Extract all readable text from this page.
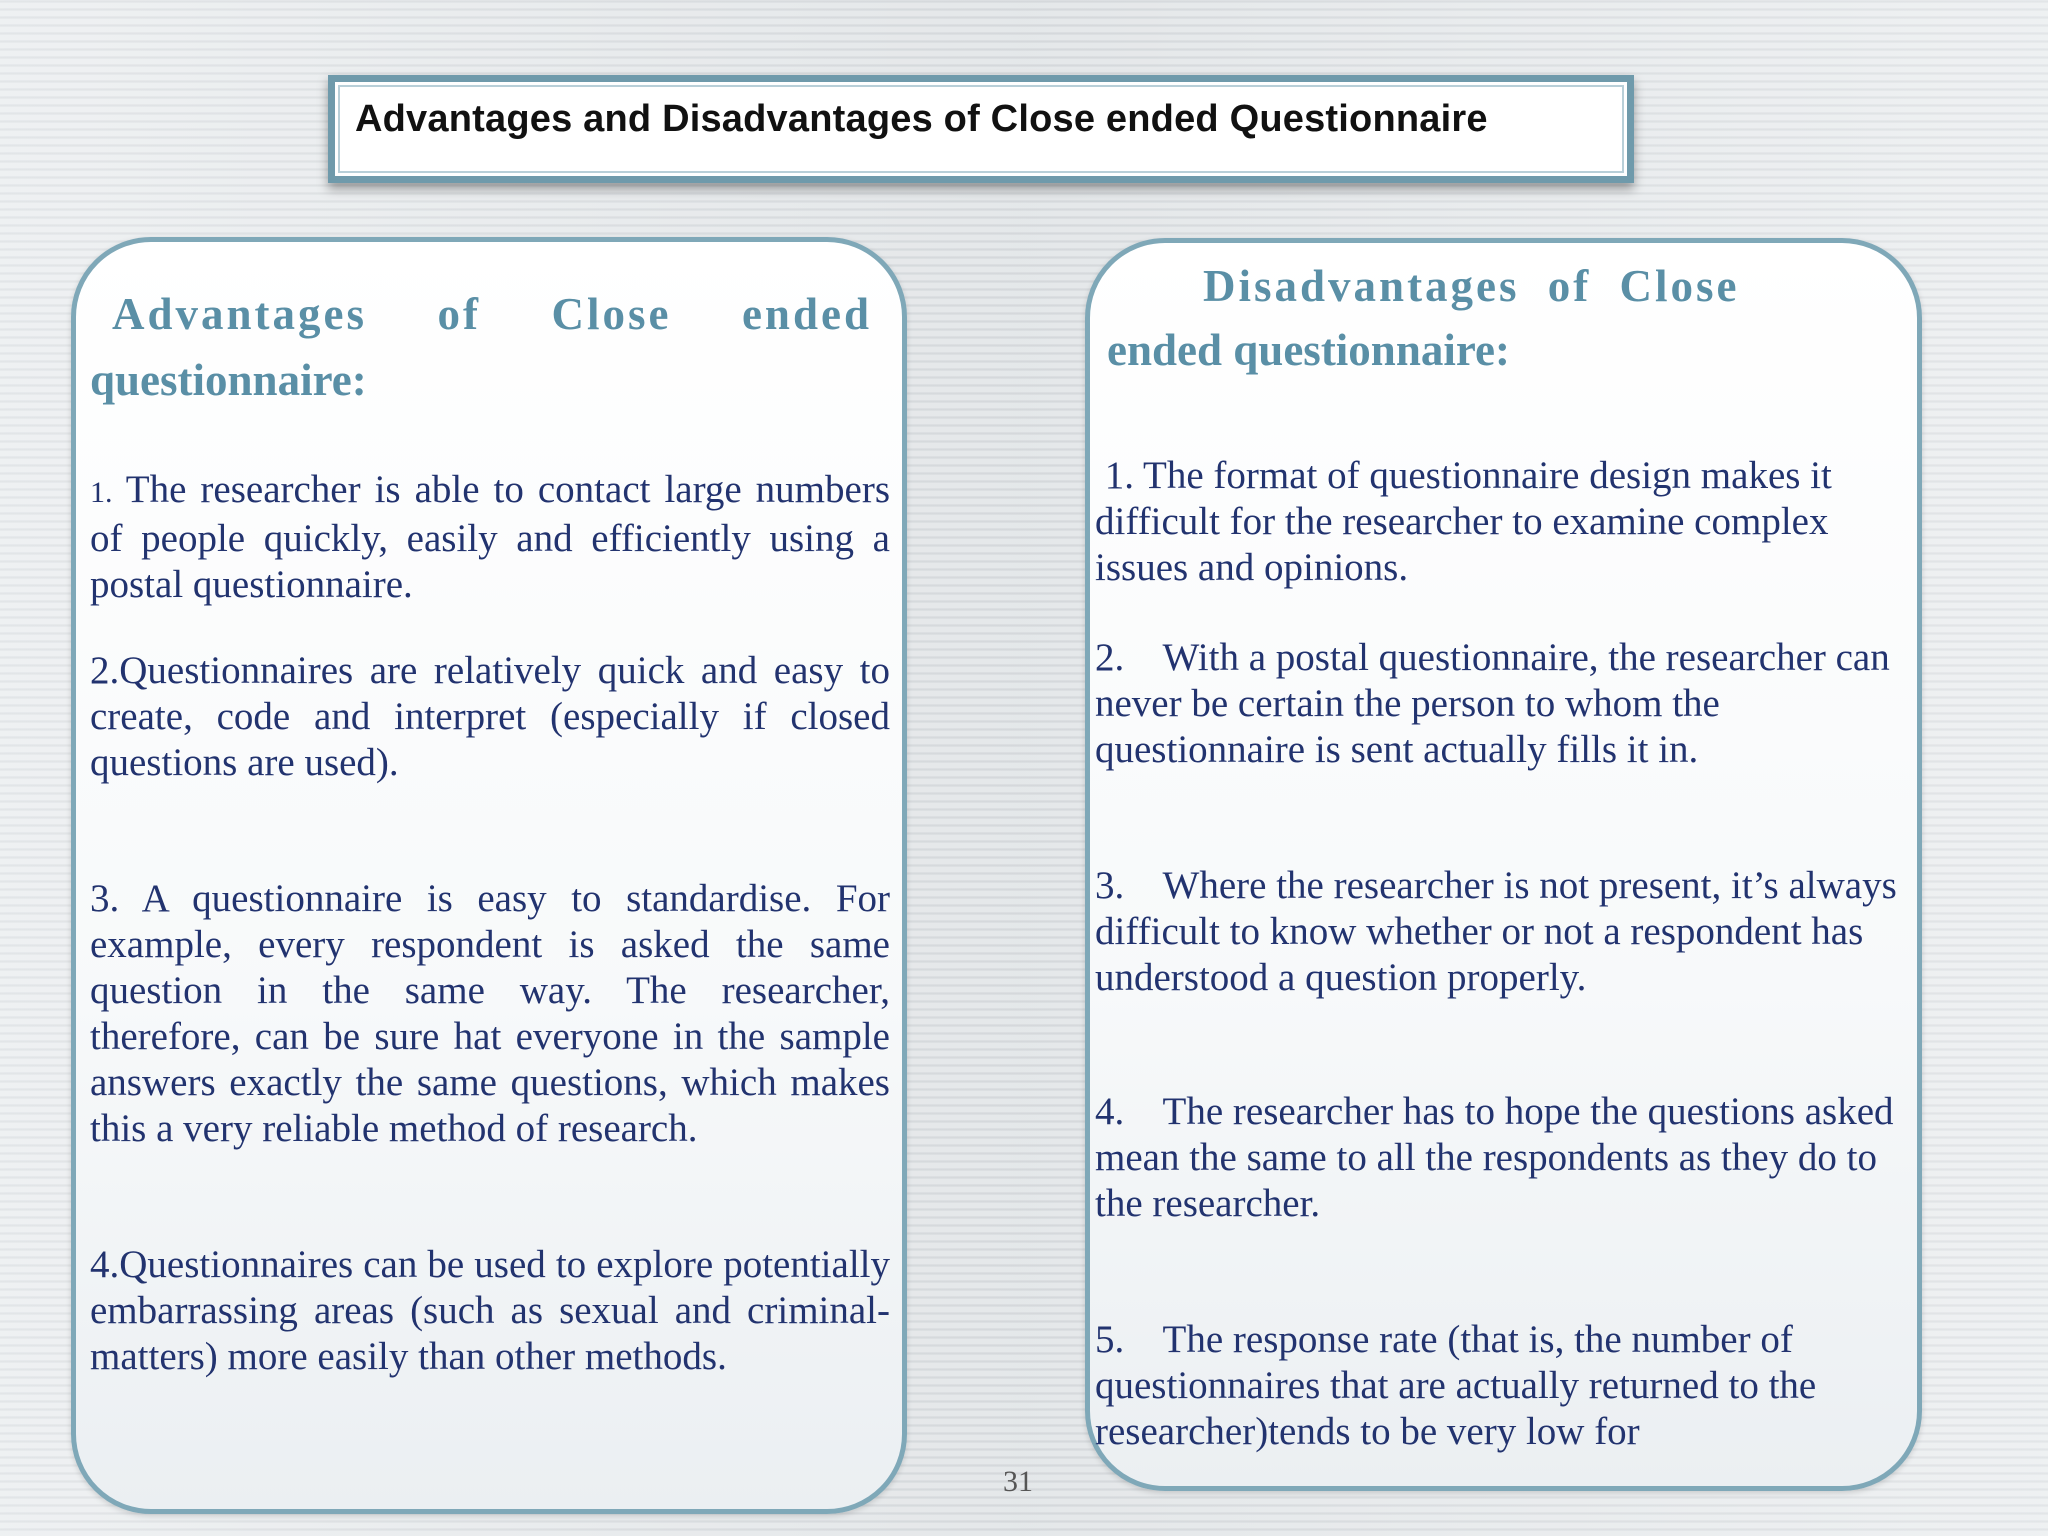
Advantages and Disadvantages of Close ended Questionnaire
Advantages of Close ended
questionnaire:

1. The researcher is able to contact large numbers of people quickly, easily and efficiently using a postal questionnaire.

2.Questionnaires are relatively quick and easy to create, code and interpret (especially if closed questions are used).

3. A questionnaire is easy to standardise. For example, every respondent is asked the same question in the same way. The researcher, therefore, can be sure hat everyone in the sample answers exactly the same questions, which makes this a very reliable method of research.

4.Questionnaires can be used to explore potentially embarrassing areas (such as sexual and criminal-matters) more easily than other methods.

Disadvantages of Close
ended questionnaire:

1. The format of questionnaire design makes it difficult for the researcher to examine complex issues and opinions.

2.    With a postal questionnaire, the researcher can never be certain the person to whom the questionnaire is sent actually fills it in.

3.    Where the researcher is not present, it’s always difficult to know whether or not a respondent has understood a question properly.

4.    The researcher has to hope the questions asked mean the same to all the respondents as they do to the researcher.

5.    The response rate (that is, the number of questionnaires that are actually returned to the researcher)tends to be very low for

31
